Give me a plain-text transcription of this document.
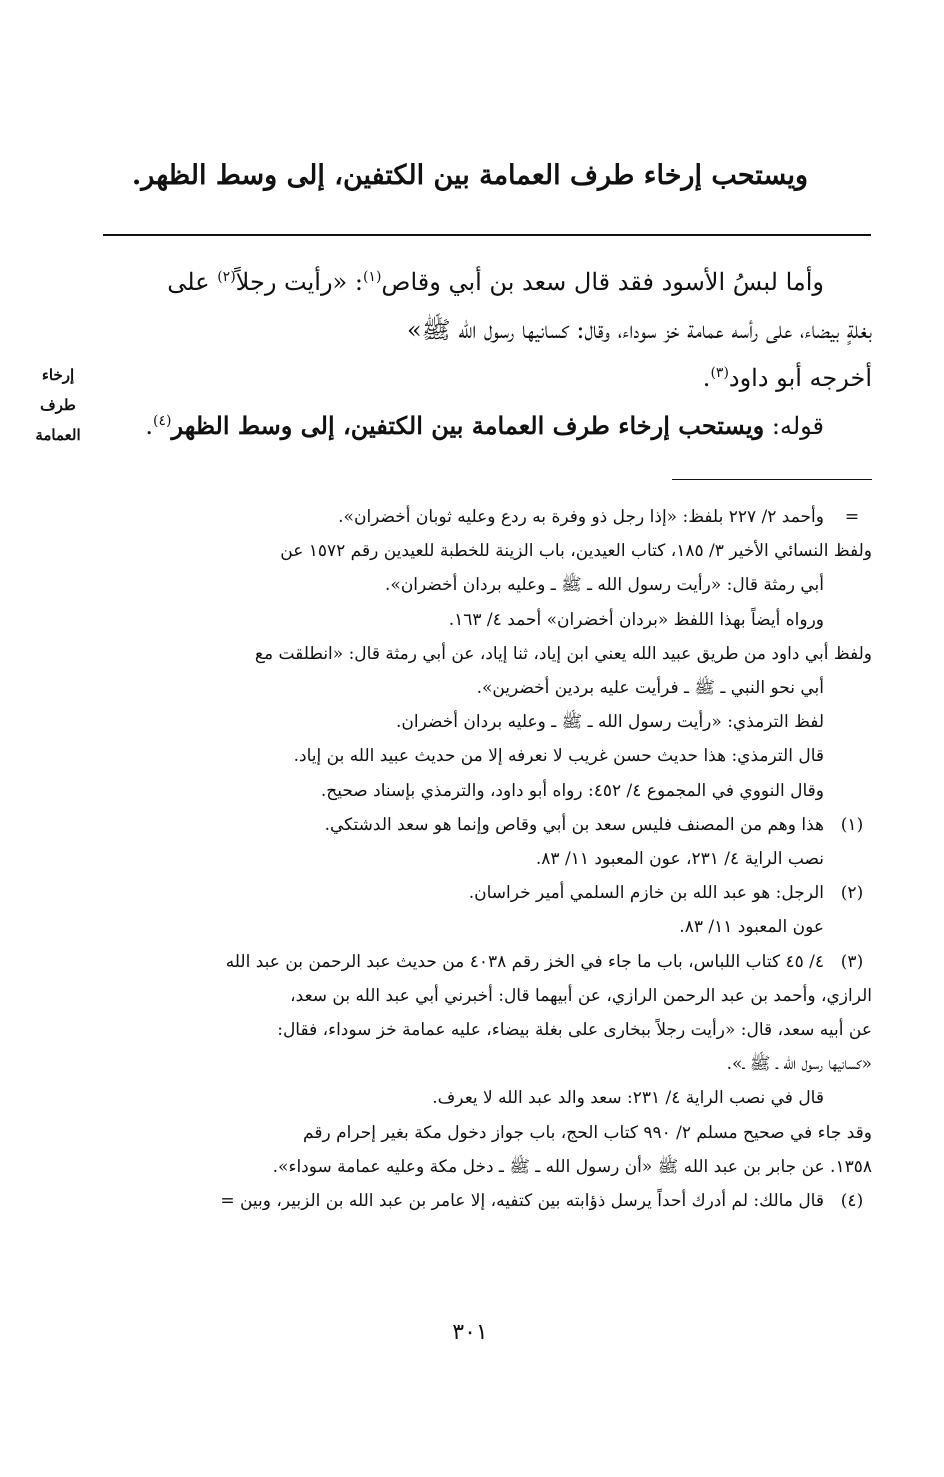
ويستحب إرخاء طرف العمامة بين الكتفين، إلى وسط الظهر.

وأما لبسُ الأسود فقد قال سعد بن أبي وقاص$^{(١)}$: «رأيت رجلاً$^{(٢)}$ على

بغلةٍ بيضاء، على رأسه عمامة خز سوداء، وقال: كسانيها رسول الله ﷺ»

أخرجه أبو داود$^{(٣)}$.

قوله: ويستحب إرخاء طرف العمامة بين الكتفين، إلى وسط الظهر$^{(٤)}$.

إرخاء
طرف
العمامة
=
وأحمد ٢/ ٢٢٧ بلفظ: «إذا رجل ذو وفرة به ردع وعليه ثوبان أخضران».
ولفظ النسائي الأخير ٣/ ١٨٥، كتاب العيدين، باب الزينة للخطبة للعيدين رقم ١٥٧٢ عن
أبي رمثة قال: «رأيت رسول الله ـ ﷺ ـ وعليه بردان أخضران».
ورواه أيضاً بهذا اللفظ «بردان أخضران» أحمد ٤/ ١٦٣.
ولفظ أبي داود من طريق عبيد الله يعني ابن إياد، ثنا إياد، عن أبي رمثة قال: «انطلقت مع
أبي نحو النبي ـ ﷺ ـ فرأيت عليه بردين أخضرين».
لفظ الترمذي: «رأيت رسول الله ـ ﷺ ـ وعليه بردان أخضران.
قال الترمذي: هذا حديث حسن غريب لا نعرفه إلا من حديث عبيد الله بن إياد.
وقال النووي في المجموع ٤/ ٤٥٢: رواه أبو داود، والترمذي بإسناد صحيح.
(١)
هذا وهم من المصنف فليس سعد بن أبي وقاص وإنما هو سعد الدشتكي.
نصب الراية ٤/ ٢٣١، عون المعبود ١١/ ٨٣.
(٢)
الرجل: هو عبد الله بن خازم السلمي أمير خراسان.
عون المعبود ١١/ ٨٣.
(٣)
٤/ ٤٥ كتاب اللباس، باب ما جاء في الخز رقم ٤٠٣٨ من حديث عبد الرحمن بن عبد الله
الرازي، وأحمد بن عبد الرحمن الرازي، عن أبيهما قال: أخبرني أبي عبد الله بن سعد،
عن أبيه سعد، قال: «رأيت رجلاً ببخارى على بغلة بيضاء، عليه عمامة خز سوداء، فقال:
«كسانيها رسول الله ـ ﷺ ـ».
قال في نصب الراية ٤/ ٢٣١: سعد والد عبد الله لا يعرف.
وقد جاء في صحيح مسلم ٢/ ٩٩٠ كتاب الحج، باب جواز دخول مكة بغير إحرام رقم
١٣٥٨. عن جابر بن عبد الله ﷺ «أن رسول الله ـ ﷺ ـ دخل مكة وعليه عمامة سوداء».
(٤)
قال مالك: لم أدرك أحداً يرسل ذؤابته بين كتفيه، إلا عامر بن عبد الله بن الزبير، وبين =
٣٠١
